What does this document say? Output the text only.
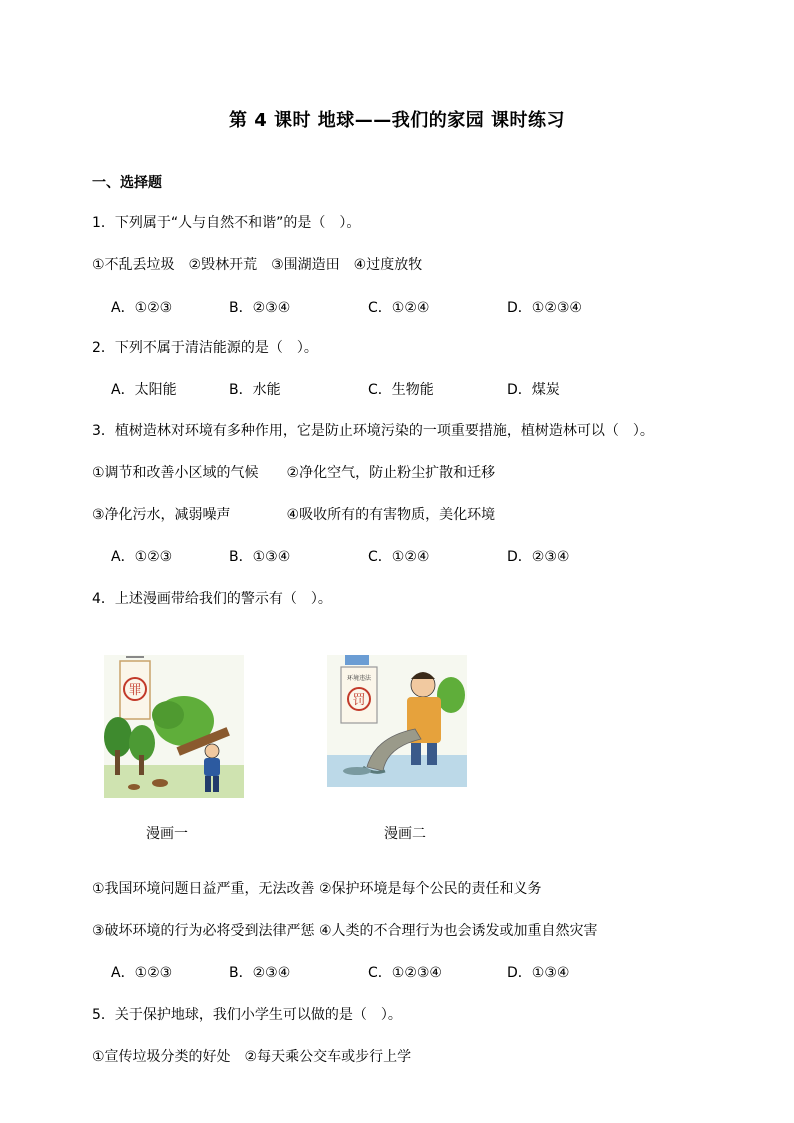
第 4 课时 地球——我们的家园 课时练习
一、选择题
1．下列属于“人与自然不和谐”的是（　）。
①不乱丢垃圾　②毁林开荒　③围湖造田　④过度放牧
A．①②③	B．②③④	C．①②④	D．①②③④
2．下列不属于清洁能源的是（　）。
A．太阳能	B．水能	C．生物能	D．煤炭
3．植树造林对环境有多种作用，它是防止环境污染的一项重要措施，植树造林可以（　）。
①调节和改善小区域的气候　　②净化空气，防止粉尘扩散和迁移
③净化污水，减弱噪声　　　　④吸收所有的有害物质，美化环境
A．①②③	B．①③④	C．①②④	D．②③④
4．上述漫画带给我们的警示有（　）。
罪
漫画一
环境违法
罚
漫画二
①我国环境问题日益严重，无法改善 ②保护环境是每个公民的责任和义务
③破坏环境的行为必将受到法律严惩 ④人类的不合理行为也会诱发或加重自然灾害
A．①②③	B．②③④	C．①②③④	D．①③④
5．关于保护地球，我们小学生可以做的是（　）。
①宣传垃圾分类的好处　②每天乘公交车或步行上学
